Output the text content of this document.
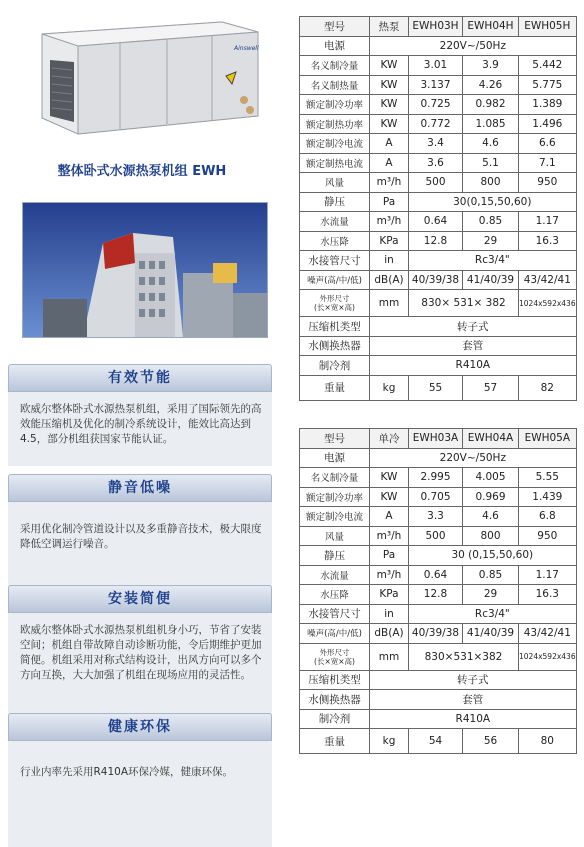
Ainswell
整体卧式水源热泵机组 EWH
有效节能
欧威尔整体卧式水源热泵机组，采用了国际领先的高效能压缩机及优化的制冷系统设计，能效比高达到4.5，部分机组获国家节能认证。
静音低噪
采用优化制冷管道设计以及多重静音技术，极大限度降低空调运行噪音。
安装简便
欧威尔整体卧式水源热泵机组机身小巧，节省了安装空间；机组自带故障自动诊断功能，令后期维护更加简便。机组采用对称式结构设计，出风方向可以多个方向互换，大大加强了机组在现场应用的灵活性。
健康环保
行业内率先采用R410A环保冷媒，健康环保。
型号	热泵	EWH03H	EWH04H	EWH05H
电源	220V~/50Hz			
名义制冷量	KW	3.01	3.9	5.442
名义制热量	KW	3.137	4.26	5.775
额定制冷功率	KW	0.725	0.982	1.389
额定制热功率	KW	0.772	1.085	1.496
额定制冷电流	A	3.4	4.6	6.6
额定制热电流	A	3.6	5.1	7.1
风量	m³/h	500	800	950
静压	Pa	30(0,15,50,60)		
水流量	m³/h	0.64	0.85	1.17
水压降	KPa	12.8	29	16.3
水接管尺寸	in	Rc3/4"		
噪声(高/中/低)	dB(A)	40/39/38	41/40/39	43/42/41
外形尺寸
(长×宽×高)	mm	830× 531× 382		1024x592x436
压缩机类型	转子式			
水侧换热器	套管			
制冷剂	R410A			
重量	kg	55	57	82
型号	单冷	EWH03A	EWH04A	EWH05A
电源	220V~/50Hz			
名义制冷量	KW	2.995	4.005	5.55
额定制冷功率	KW	0.705	0.969	1.439
额定制冷电流	A	3.3	4.6	6.8
风量	m³/h	500	800	950
静压	Pa	30 (0,15,50,60)		
水流量	m³/h	0.64	0.85	1.17
水压降	KPa	12.8	29	16.3
水接管尺寸	in	Rc3/4"		
噪声(高/中/低)	dB(A)	40/39/38	41/40/39	43/42/41
外形尺寸
(长×宽×高)	mm	830×531×382		1024x592x436
压缩机类型	转子式			
水侧换热器	套管			
制冷剂	R410A			
重量	kg	54	56	80
